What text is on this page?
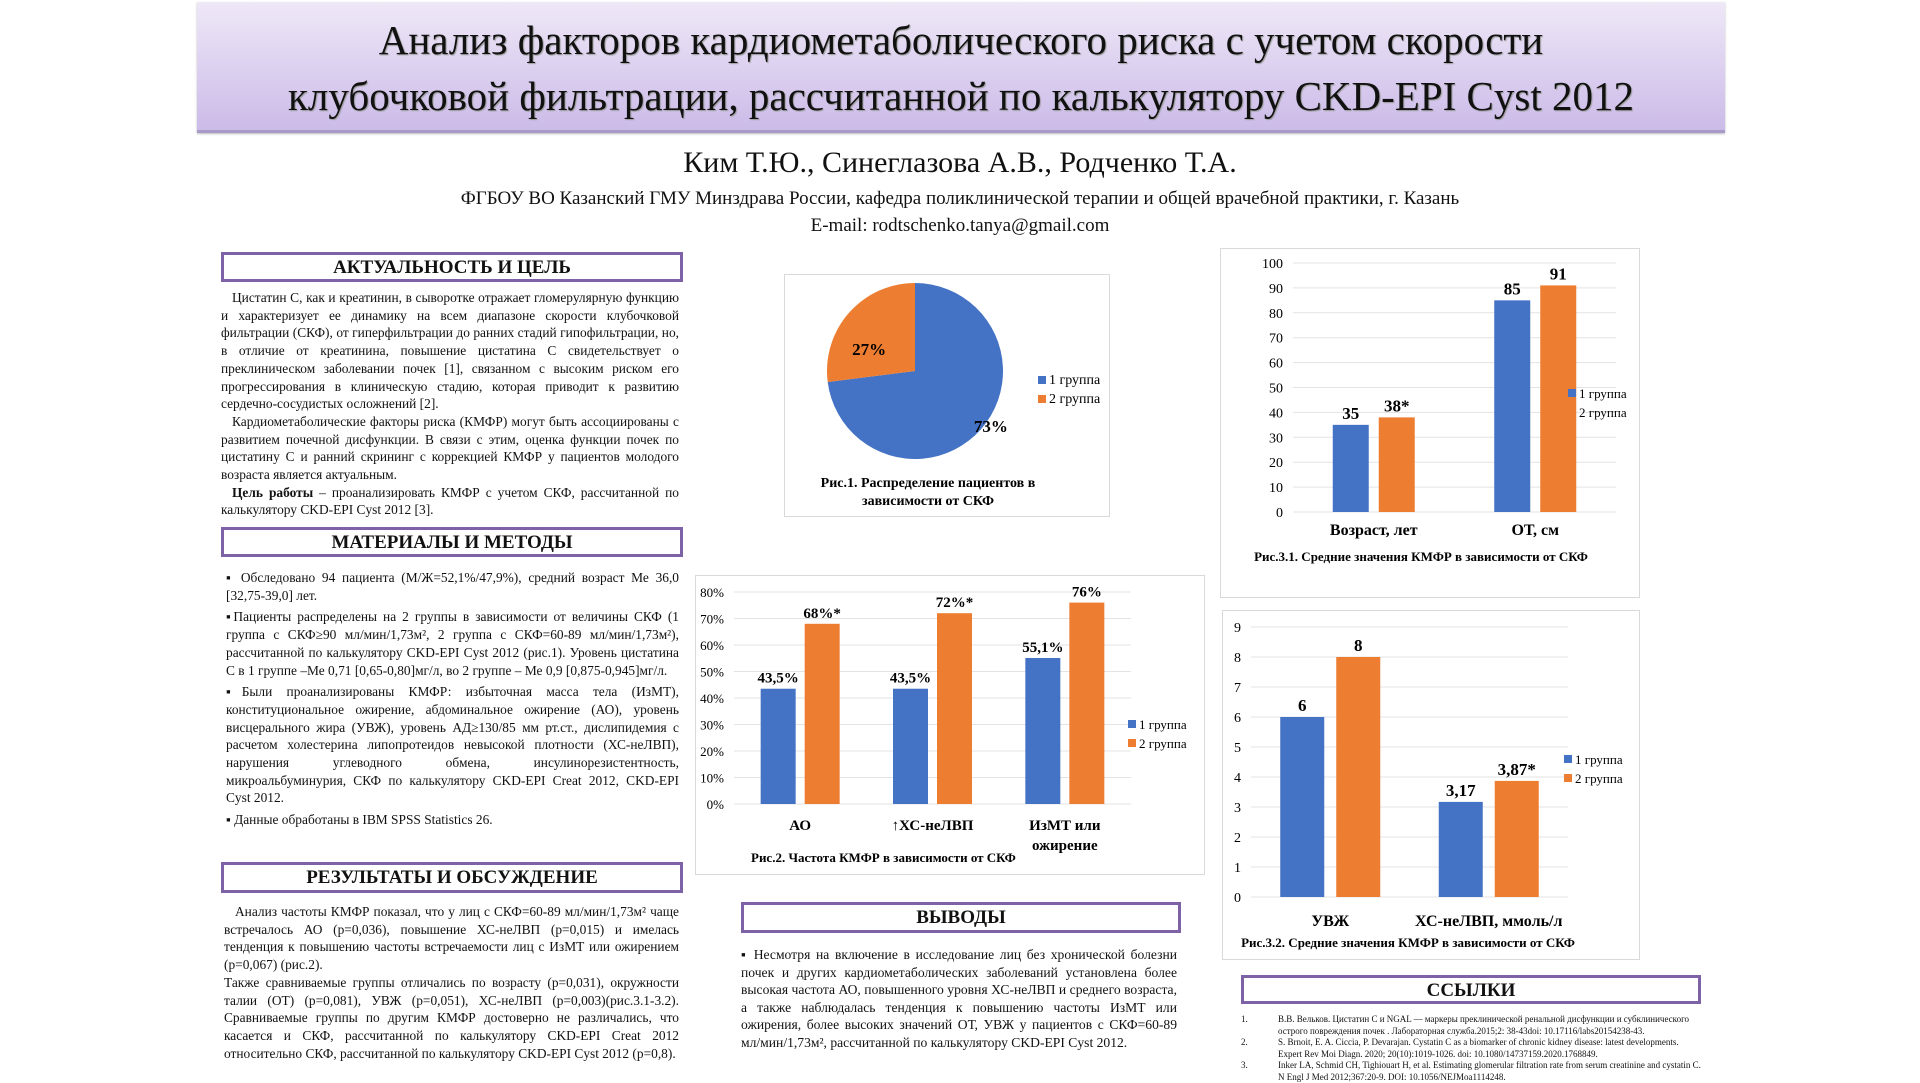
Анализ факторов кардиометаболического риска с учетом скорости
клубочковой фильтрации, рассчитанной по калькулятору CKD-EPI Cyst 2012
Ким Т.Ю., Синеглазова А.В., Родченко Т.А.
ФГБОУ ВО Казанский ГМУ Минздрава России, кафедра поликлинической терапии и общей врачебной практики, г. Казань
E-mail: rodtschenko.tanya@gmail.com
АКТУАЛЬНОСТЬ И ЦЕЛЬ

Цистатин С, как и креатинин, в сыворотке отражает гломерулярную функцию и характеризует ее динамику на всем диапазоне скорости клубочковой фильтрации (СКФ), от гиперфильтрации до ранних стадий гипофильтрации, но, в отличие от креатинина, повышение цистатина С свидетельствует о преклиническом заболевании почек [1], связанном с высоким риском его прогрессирования в клиническую стадию, которая приводит к развитию сердечно-сосудистых осложнений [2].

Кардиометаболические факторы риска (КМФР) могут быть ассоциированы с развитием почечной дисфункции. В связи с этим, оценка функции почек по цистатину С и ранний скрининг с коррекцией КМФР у пациентов молодого возраста является актуальным.

Цель работы – проанализировать КМФР с учетом СКФ, рассчитанной по калькулятору CKD-EPI Cyst 2012 [3].

МАТЕРИАЛЫ И МЕТОДЫ

▪ Обследовано 94 пациента (М/Ж=52,1%/47,9%), средний возраст Ме 36,0 [32,75-39,0] лет.

▪Пациенты распределены на 2 группы в зависимости от величины СКФ (1 группа с СКФ≥90 мл/мин/1,73м², 2 группа с СКФ=60-89 мл/мин/1,73м²), рассчитанной по калькулятору CKD-EPI Cyst 2012 (рис.1). Уровень цистатина С в 1 группе –Ме 0,71 [0,65-0,80]мг/л, во 2 группе – Ме 0,9 [0,875-0,945]мг/л.

▪Были проанализированы КМФР: избыточная масса тела (ИзМТ), конституциональное ожирение, абдоминальное ожирение (АО), уровень висцерального жира (УВЖ), уровень АД≥130/85 мм рт.ст., дислипидемия с расчетом холестерина липопротеидов невысокой плотности (ХС-неЛВП), нарушения углеводного обмена, инсулинорезистентность, микроальбуминурия, СКФ по калькулятору CKD-EPI Creat 2012, CKD-EPI Cyst 2012.

▪ Данные обработаны в IBM SPSS Statistics 26.

РЕЗУЛЬТАТЫ И ОБСУЖДЕНИЕ

Анализ частоты КМФР показал, что у лиц с СКФ=60-89 мл/мин/1,73м² чаще встречалось АО (р=0,036), повышение ХС-неЛВП (р=0,015) и имелась тенденция к повышению частоты встречаемости лиц с ИзМТ или ожирением (р=0,067) (рис.2).

Также сравниваемые группы отличались по возрасту (р=0,031), окружности талии (ОТ) (р=0,081), УВЖ (р=0,051), ХС-неЛВП (р=0,003)(рис.3.1-3.2). Сравниваемые группы по другим КМФР достоверно не различались, что касается и СКФ, рассчитанной по калькулятору CKD-EPI Creat 2012 относительно СКФ, рассчитанной по калькулятору CKD-EPI Cyst 2012 (р=0,8).

73%
27%
1 группа
2 группа
Рис.1. Распределение пациентов в
зависимости от СКФ
0%
10%
20%
30%
40%
50%
60%
70%
80%
43,5%
68%*
АО
43,5%
72%*
↑ХС-неЛВП
55,1%
76%
ИзМТ или
ожирение
1 группа
2 группа
Рис.2. Частота КМФР в зависимости от СКФ
ВЫВОДЫ

▪ Несмотря на включение в исследование лиц без хронической болезни почек и других кардиометаболических заболеваний установлена более высокая частота АО, повышенного уровня ХС-неЛВП и среднего возраста, а также наблюдалась тенденция к повышению частоты ИзМТ или ожирения, более высоких значений ОТ, УВЖ у пациентов с СКФ=60-89 мл/мин/1,73м², рассчитанной по калькулятору CKD-EPI Cyst 2012.

0
10
20
30
40
50
60
70
80
90
100
35 38*
Возраст, лет
85
91
ОТ, см
Рис.3.1. Средние значения КМФР в зависимости от СКФ
1 группа
2 группа
0
1
2
3
4
5
6
7
8
9
6
8
УВЖ
3,17
3,87*
ХС-неЛВП, ммоль/л
Рис.3.2. Средние значения КМФР в зависимости от СКФ
1 группа
2 группа
ССЫЛКИ
1.	В.В. Вельков. Цистатин С и NGAL — маркеры преклинической ренальной дисфункции и субклинического острого повреждения почек . Лабораторная служба.2015;2: 38-43doi: 10.17116/labs20154238-43.
2.	S. Brnoit, E. A. Ciccia, P. Devarajan. Cystatin C as a biomarker of chronic kidney disease: latest developments. Expert Rev Moi Diagn. 2020; 20(10):1019-1026. doi: 10.1080/14737159.2020.1768849.
3.	Inker LA, Schmid CH, Tighiouart H, et al. Estimating glomerular filtration rate from serum creatinine and cystatin C. N Engl J Med 2012;367:20-9. DOI: 10.1056/NEJMoa1114248.
